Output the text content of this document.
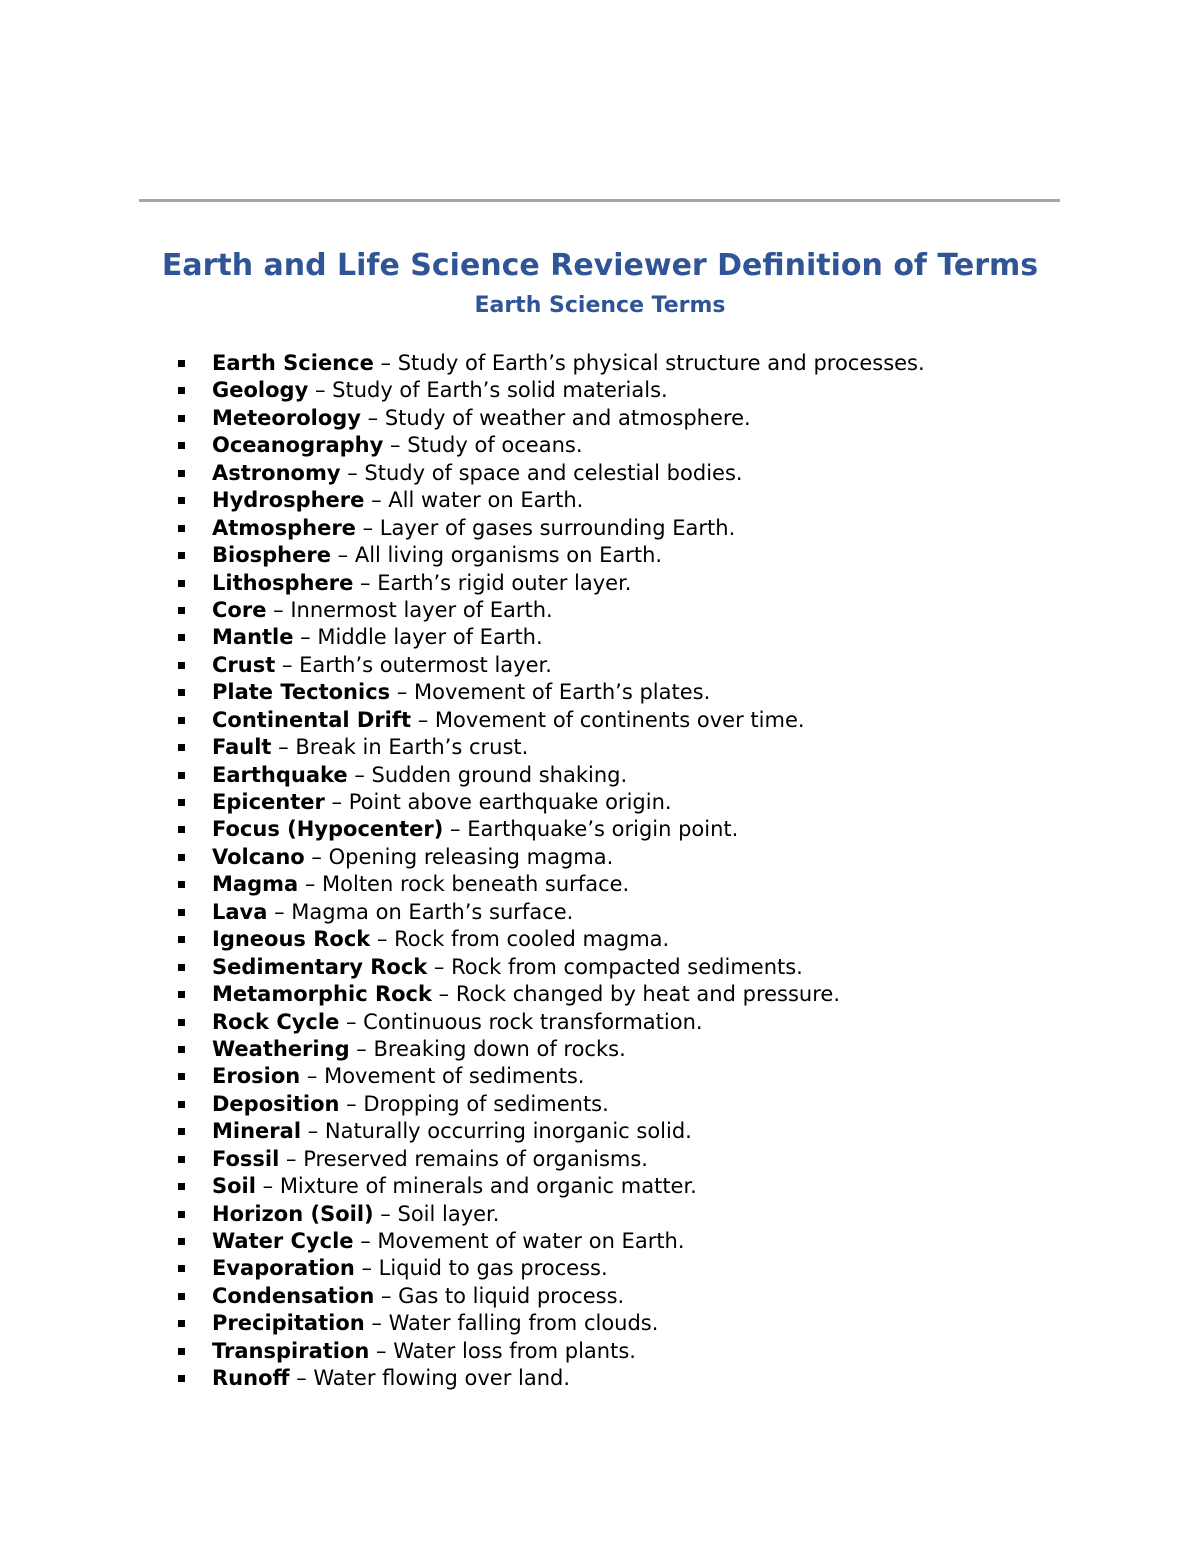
Earth and Life Science Reviewer Definition of Terms
Earth Science Terms
Earth Science – Study of Earth’s physical structure and processes.
Geology – Study of Earth’s solid materials.
Meteorology – Study of weather and atmosphere.
Oceanography – Study of oceans.
Astronomy – Study of space and celestial bodies.
Hydrosphere – All water on Earth.
Atmosphere – Layer of gases surrounding Earth.
Biosphere – All living organisms on Earth.
Lithosphere – Earth’s rigid outer layer.
Core – Innermost layer of Earth.
Mantle – Middle layer of Earth.
Crust – Earth’s outermost layer.
Plate Tectonics – Movement of Earth’s plates.
Continental Drift – Movement of continents over time.
Fault – Break in Earth’s crust.
Earthquake – Sudden ground shaking.
Epicenter – Point above earthquake origin.
Focus (Hypocenter) – Earthquake’s origin point.
Volcano – Opening releasing magma.
Magma – Molten rock beneath surface.
Lava – Magma on Earth’s surface.
Igneous Rock – Rock from cooled magma.
Sedimentary Rock – Rock from compacted sediments.
Metamorphic Rock – Rock changed by heat and pressure.
Rock Cycle – Continuous rock transformation.
Weathering – Breaking down of rocks.
Erosion – Movement of sediments.
Deposition – Dropping of sediments.
Mineral – Naturally occurring inorganic solid.
Fossil – Preserved remains of organisms.
Soil – Mixture of minerals and organic matter.
Horizon (Soil) – Soil layer.
Water Cycle – Movement of water on Earth.
Evaporation – Liquid to gas process.
Condensation – Gas to liquid process.
Precipitation – Water falling from clouds.
Transpiration – Water loss from plants.
Runoff – Water flowing over land.
